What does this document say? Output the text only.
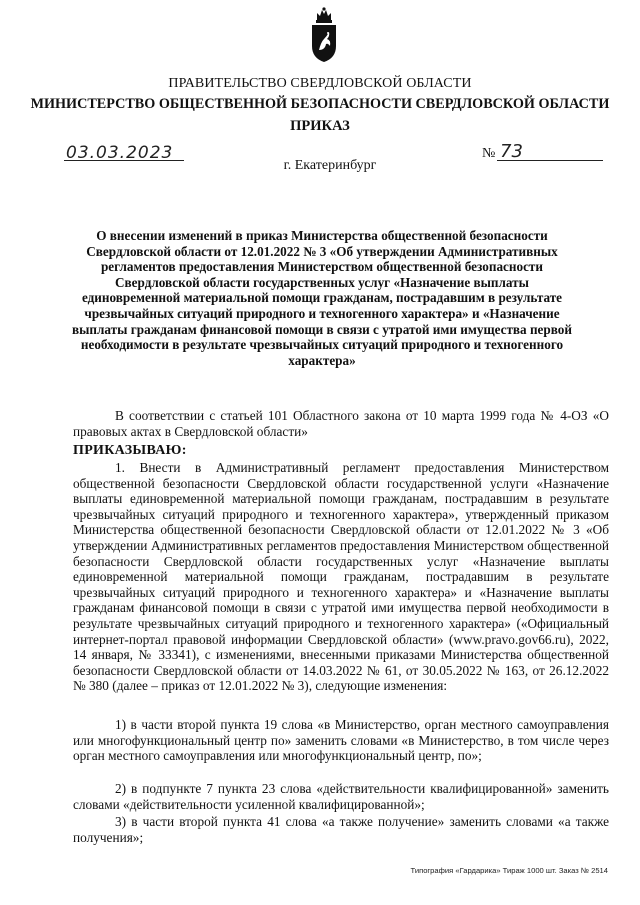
ПРАВИТЕЛЬСТВО СВЕРДЛОВСКОЙ ОБЛАСТИ
МИНИСТЕРСТВО ОБЩЕСТВЕННОЙ БЕЗОПАСНОСТИ СВЕРДЛОВСКОЙ ОБЛАСТИ
ПРИКАЗ
03.03.2023	№ 73
г. Екатеринбург
О внесении изменений в приказ Министерства общественной безопасности Свердловской области от 12.01.2022 № 3 «Об утверждении Административных регламентов предоставления Министерством общественной безопасности Свердловской области государственных услуг «Назначение выплаты единовременной материальной помощи гражданам, пострадавшим в результате чрезвычайных ситуаций природного и техногенного характера» и «Назначение выплаты гражданам финансовой помощи в связи с утратой ими имущества первой необходимости в результате чрезвычайных ситуаций природного и техногенного характера»
В соответствии с статьей 101 Областного закона от 10 марта 1999 года № 4-ОЗ «О правовых актах в Свердловской области»
ПРИКАЗЫВАЮ:
1. Внести в Административный регламент предоставления Министерством общественной безопасности Свердловской области государственной услуги «Назначение выплаты единовременной материальной помощи гражданам, пострадавшим в результате чрезвычайных ситуаций природного и техногенного характера», утвержденный приказом Министерства общественной безопасности Свердловской области от 12.01.2022 № 3 «Об утверждении Административных регламентов предоставления Министерством общественной безопасности Свердловской области государственных услуг «Назначение выплаты единовременной материальной помощи гражданам, пострадавшим в результате чрезвычайных ситуаций природного и техногенного характера» и «Назначение выплаты гражданам финансовой помощи в связи с утратой ими имущества первой необходимости в результате чрезвычайных ситуаций природного и техногенного характера» («Официальный интернет-портал правовой информации Свердловской области» (www.pravo.gov66.ru), 2022, 14 января, № 33341), с изменениями, внесенными приказами Министерства общественной безопасности Свердловской области от 14.03.2022 № 61, от 30.05.2022 № 163, от 26.12.2022 № 380 (далее – приказ от 12.01.2022 № 3), следующие изменения:
1) в части второй пункта 19 слова «в Министерство, орган местного самоуправления или многофункциональный центр по» заменить словами «в Министерство, в том числе через орган местного самоуправления или многофункциональный центр, по»;
2) в подпункте 7 пункта 23 слова «действительности квалифицированной» заменить словами «действительности усиленной квалифицированной»;
3) в части второй пункта 41 слова «а также получение» заменить словами «а также получения»;
Типография «Гардарика» Тираж 1000 шт. Заказ № 2514
